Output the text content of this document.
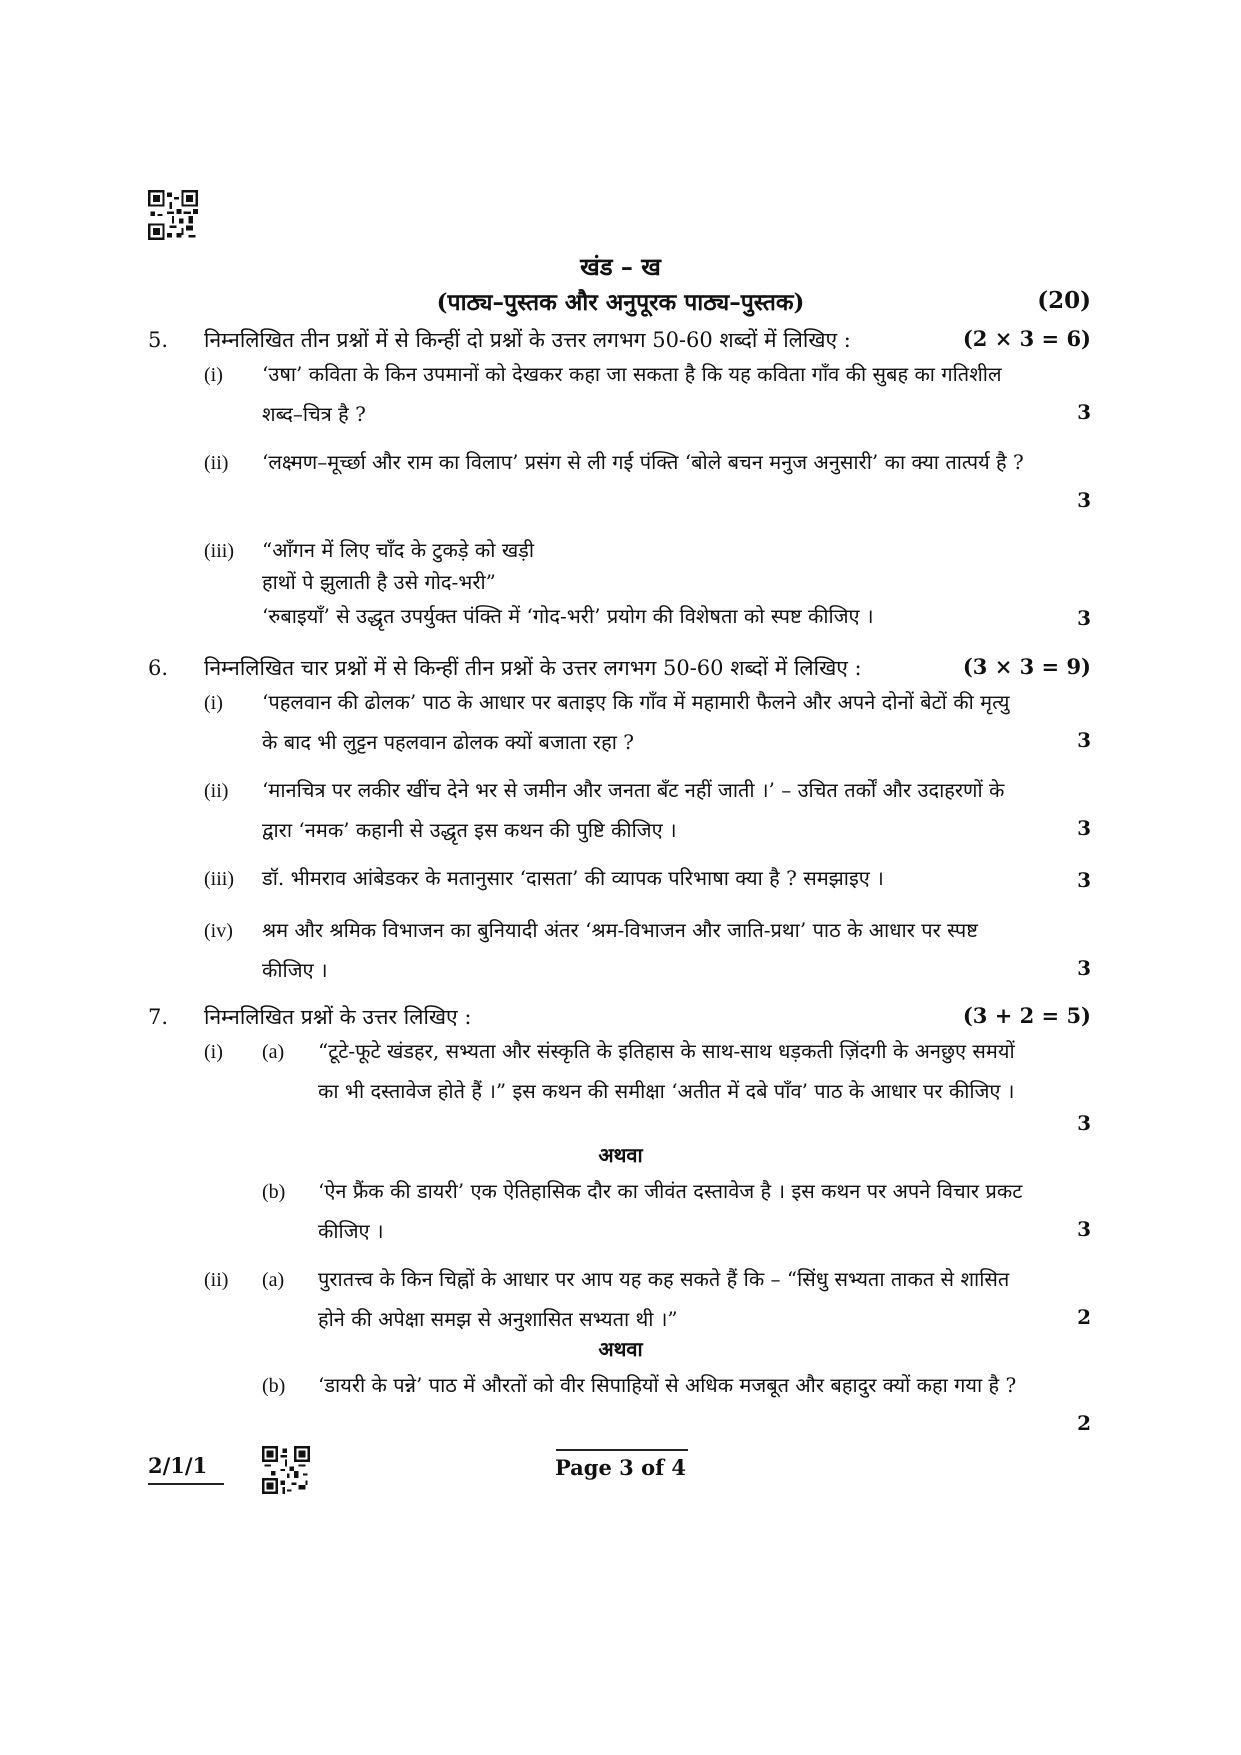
खंड – ख
(पाठ्य–पुस्तक और अनुपूरक पाठ्य–पुस्तक)	(20)
5. निम्नलिखित तीन प्रश्नों में से किन्हीं दो प्रश्नों के उत्तर लगभग 50-60 शब्दों में लिखिए :	(2 × 3 = 6)
(i)	‘उषा’ कविता के किन उपमानों को देखकर कहा जा सकता है कि यह कविता गाँव की सुबह का गतिशील शब्द–चित्र है ?	3
(ii)	‘लक्ष्मण–मूर्च्छा और राम का विलाप’ प्रसंग से ली गई पंक्ति ‘बोले बचन मनुज अनुसारी’ का क्या तात्पर्य है ?
3
(iii)	“आँगन में लिए चाँद के टुकड़े को खड़ी
हाथों पे झुलाती है उसे गोद-भरी”
‘रुबाइयाँ’ से उद्धृत उपर्युक्त पंक्ति में ‘गोद-भरी’ प्रयोग की विशेषता को स्पष्ट कीजिए ।	3
6. निम्नलिखित चार प्रश्नों में से किन्हीं तीन प्रश्नों के उत्तर लगभग 50-60 शब्दों में लिखिए :	(3 × 3 = 9)
(i)	‘पहलवान की ढोलक’ पाठ के आधार पर बताइए कि गाँव में महामारी फैलने और अपने दोनों बेटों की मृत्यु के बाद भी लुट्टन पहलवान ढोलक क्यों बजाता रहा ?	3
(ii)	‘मानचित्र पर लकीर खींच देने भर से जमीन और जनता बँट नहीं जाती ।’ – उचित तर्कों और उदाहरणों के द्वारा ‘नमक’ कहानी से उद्धृत इस कथन की पुष्टि कीजिए ।	3
(iii)	डॉ. भीमराव आंबेडकर के मतानुसार ‘दासता’ की व्यापक परिभाषा क्या है ? समझाइए ।	3
(iv)	श्रम और श्रमिक विभाजन का बुनियादी अंतर ‘श्रम-विभाजन और जाति-प्रथा’ पाठ के आधार पर स्पष्ट कीजिए ।	3
7. निम्नलिखित प्रश्नों के उत्तर लिखिए :	(3 + 2 = 5)
(i)	(a)	“टूटे-फूटे खंडहर, सभ्यता और संस्कृति के इतिहास के साथ-साथ धड़कती ज़िंदगी के अनछुए समयों का भी दस्तावेज होते हैं ।” इस कथन की समीक्षा ‘अतीत में दबे पाँव’ पाठ के आधार पर कीजिए ।
3
अथवा
(b)	‘ऐन फ्रैंक की डायरी’ एक ऐतिहासिक दौर का जीवंत दस्तावेज है । इस कथन पर अपने विचार प्रकट कीजिए ।	3
(ii)	(a)	पुरातत्त्व के किन चिह्नों के आधार पर आप यह कह सकते हैं कि – “सिंधु सभ्यता ताकत से शासित होने की अपेक्षा समझ से अनुशासित सभ्यता थी ।”	2
अथवा
(b)	‘डायरी के पन्ने’ पाठ में औरतों को वीर सिपाहियों से अधिक मजबूत और बहादुर क्यों कहा गया है ?
2
2/1/1	Page 3 of 4
